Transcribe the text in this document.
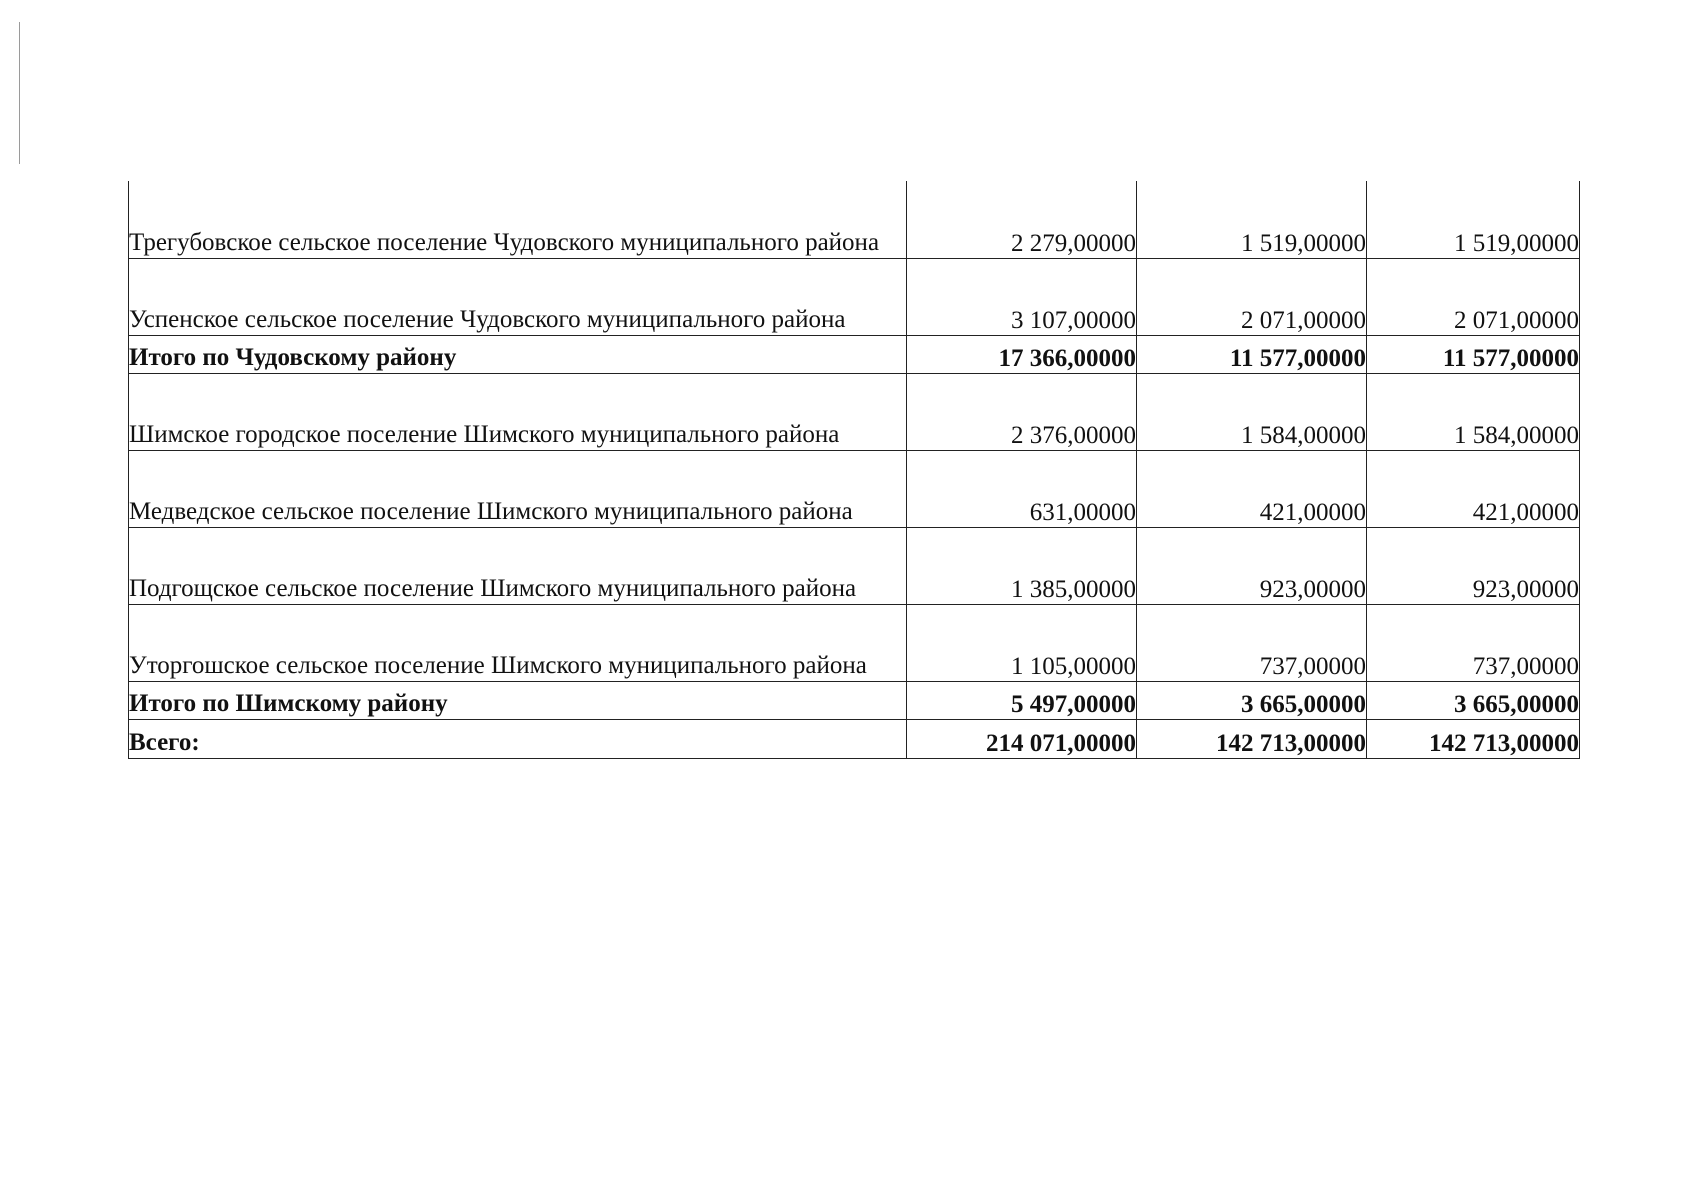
Трегубовское сельское поселение Чудовского муниципального района	2 279,00000	1 519,00000	1 519,00000
Успенское сельское поселение Чудовского муниципального района	3 107,00000	2 071,00000	2 071,00000
Итого по Чудовскому району	17 366,00000	11 577,00000	11 577,00000
Шимское городское поселение Шимского муниципального района	2 376,00000	1 584,00000	1 584,00000
Медведское сельское поселение Шимского муниципального района	631,00000	421,00000	421,00000
Подгощское сельское поселение Шимского муниципального района	1 385,00000	923,00000	923,00000
Уторгошское сельское поселение Шимского муниципального района	1 105,00000	737,00000	737,00000
Итого по Шимскому району	5 497,00000	3 665,00000	3 665,00000
Всего:	214 071,00000	142 713,00000	142 713,00000
